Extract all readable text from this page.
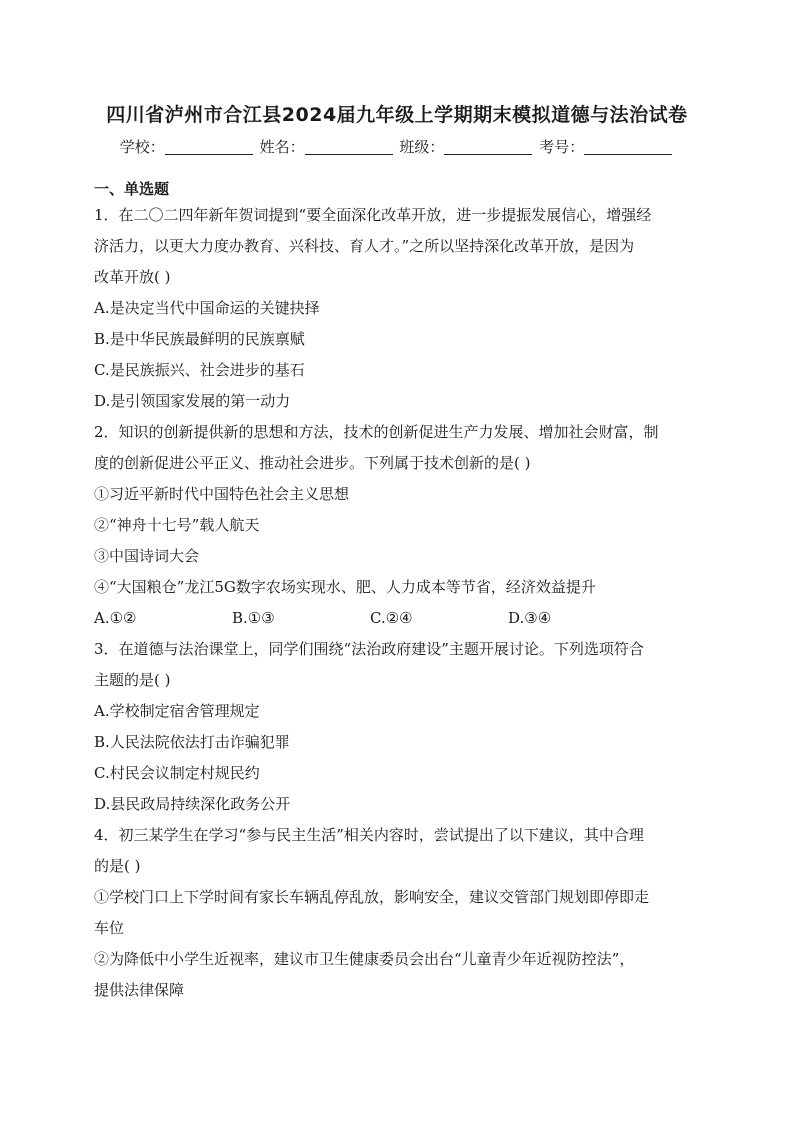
四川省泸州市合江县2024届九年级上学期期末模拟道德与法治试卷
学校：	姓名：	班级：	考号：
一、单选题
1．在二〇二四年新年贺词提到“要全面深化改革开放，进一步提振发展信心，增强经
济活力，以更大力度办教育、兴科技、育人才。”之所以坚持深化改革开放，是因为
改革开放( )
A.是决定当代中国命运的关键抉择
B.是中华民族最鲜明的民族禀赋
C.是民族振兴、社会进步的基石
D.是引领国家发展的第一动力
2．知识的创新提供新的思想和方法，技术的创新促进生产力发展、增加社会财富，制
度的创新促进公平正义、推动社会进步。下列属于技术创新的是( )
①习近平新时代中国特色社会主义思想
②“神舟十七号”载人航天
③中国诗词大会
④“大国粮仓”龙江5G数字农场实现水、肥、人力成本等节省，经济效益提升
A.①②	B.①③	C.②④	D.③④
3．在道德与法治课堂上，同学们围绕“法治政府建设”主题开展讨论。下列选项符合
主题的是( )
A.学校制定宿舍管理规定
B.人民法院依法打击诈骗犯罪
C.村民会议制定村规民约
D.县民政局持续深化政务公开
4．初三某学生在学习“参与民主生活”相关内容时，尝试提出了以下建议，其中合理
的是( )
①学校门口上下学时间有家长车辆乱停乱放，影响安全，建议交管部门规划即停即走
车位
②为降低中小学生近视率，建议市卫生健康委员会出台“儿童青少年近视防控法”，
提供法律保障
